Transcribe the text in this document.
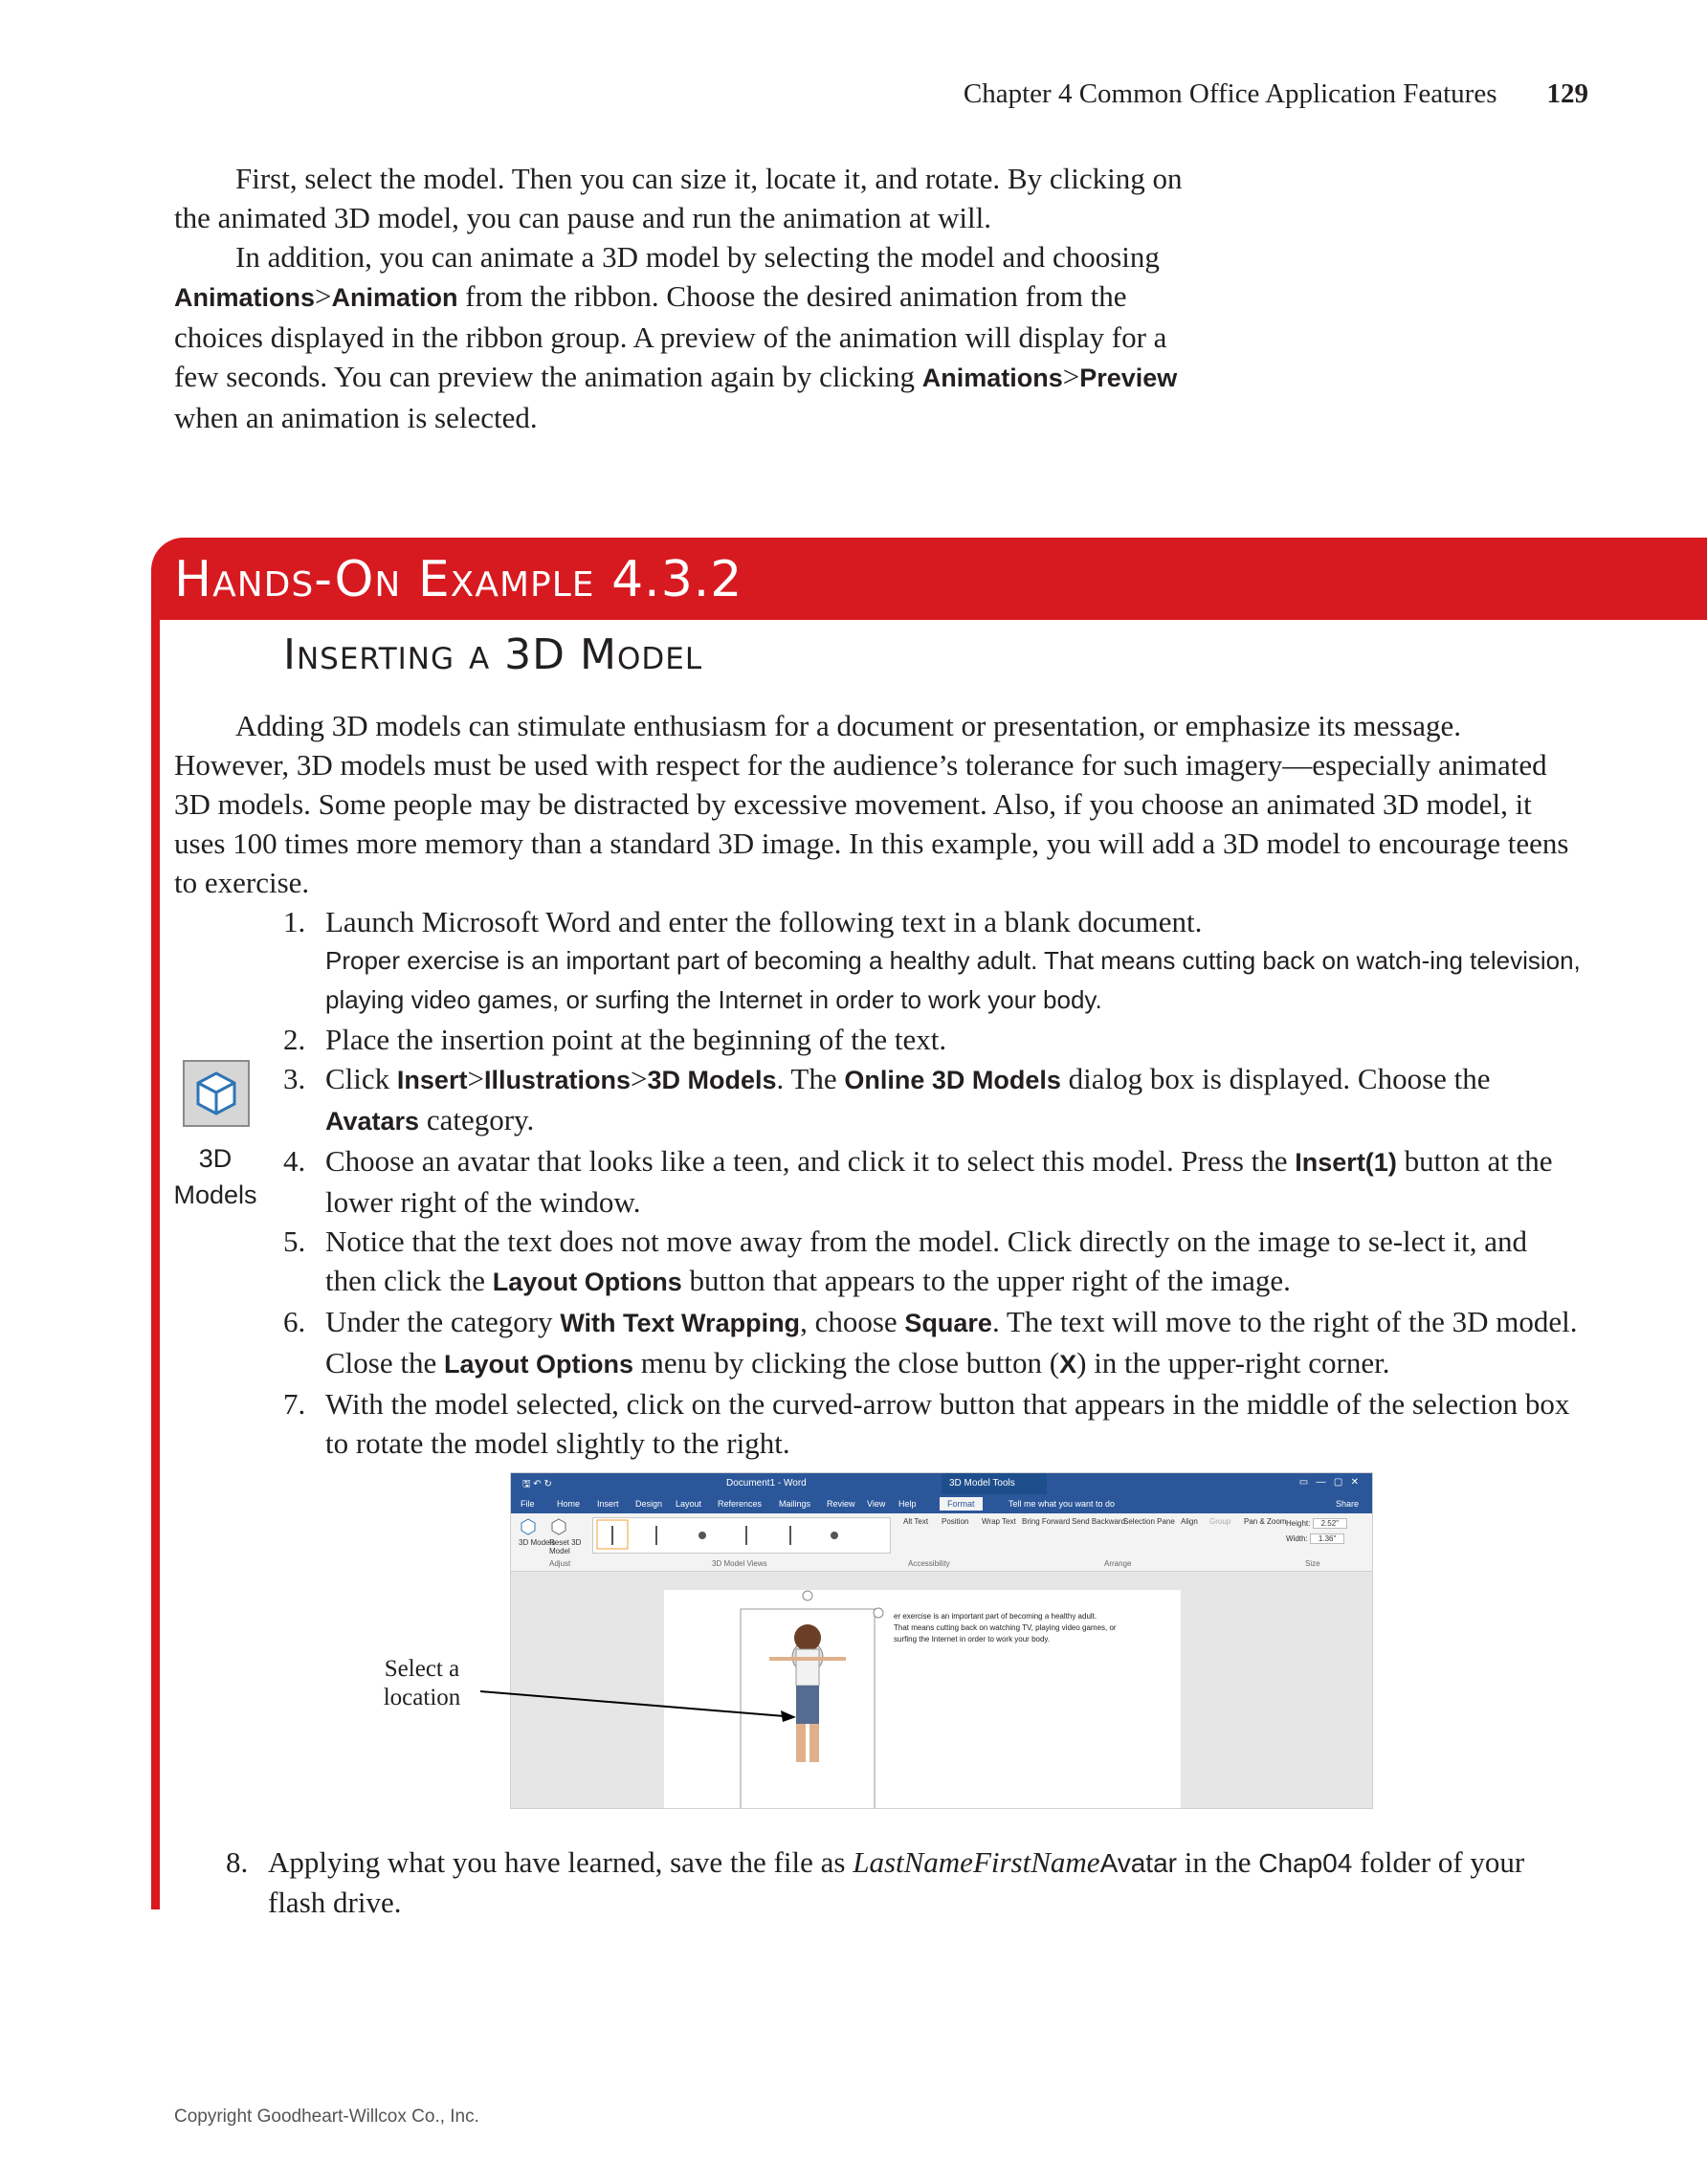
Chapter 4 Common Office Application Features 129

First, select the model. Then you can size it, locate it, and rotate. By clicking on the animated 3D model, you can pause and run the animation at will.

In addition, you can animate a 3D model by selecting the model and choosing Animations>Animation from the ribbon. Choose the desired animation from the choices displayed in the ribbon group. A preview of the animation will display for a few seconds. You can preview the animation again by clicking Animations>Preview when an animation is selected.

Hands-On Example 4.3.2
Inserting a 3D Model

Adding 3D models can stimulate enthusiasm for a document or presentation, or emphasize its message. However, 3D models must be used with respect for the audience’s tolerance for such imagery—especially animated 3D models. Some people may be distracted by excessive movement. Also, if you choose an animated 3D model, it uses 100 times more memory than a standard 3D image. In this example, you will add a 3D model to encourage teens to exercise.

1. Launch Microsoft Word and enter the following text in a blank document.
Proper exercise is an important part of becoming a healthy adult. That means cutting back on watch-ing television, playing video games, or surfing the Internet in order to work your body.
2. Place the insertion point at the beginning of the text.
3. Click Insert>Illustrations>3D Models. The Online 3D Models dialog box is displayed. Choose the Avatars category.
4. Choose an avatar that looks like a teen, and click it to select this model. Press the Insert(1) button at the lower right of the window.
5. Notice that the text does not move away from the model. Click directly on the image to se-lect it, and then click the Layout Options button that appears to the upper right of the image.
6. Under the category With Text Wrapping, choose Square. The text will move to the right of the 3D model. Close the Layout Options menu by clicking the close button (X) in the upper-right corner.
7. With the model selected, click on the curved-arrow button that appears in the middle of the selection box to rotate the model slightly to the right.
3D
Models
🖫 ↶ ↻	Document1 - Word	3D Model Tools	▭   —   ▢   ✕
File	Home Insert Design Layout References Mailings Review View Help	Format	Tell me what you want to do	Share
3D Models
Reset 3D Model
Alt Text Position Wrap Text Bring Forward Send Backward
Selection Pane Align Group Pan & Zoom Height: 2.52"
Width: 1.36"
Adjust	3D Model Views	Accessibility	Arrange	Size
er exercise is an important part of becoming a healthy adult.
That means cutting back on watching TV, playing video games, or
surfing the Internet in order to work your body.
Select a
location
8. Applying what you have learned, save the file as LastNameFirstNameAvatar in the Chap04 folder of your flash drive.
Copyright Goodheart-Willcox Co., Inc.
